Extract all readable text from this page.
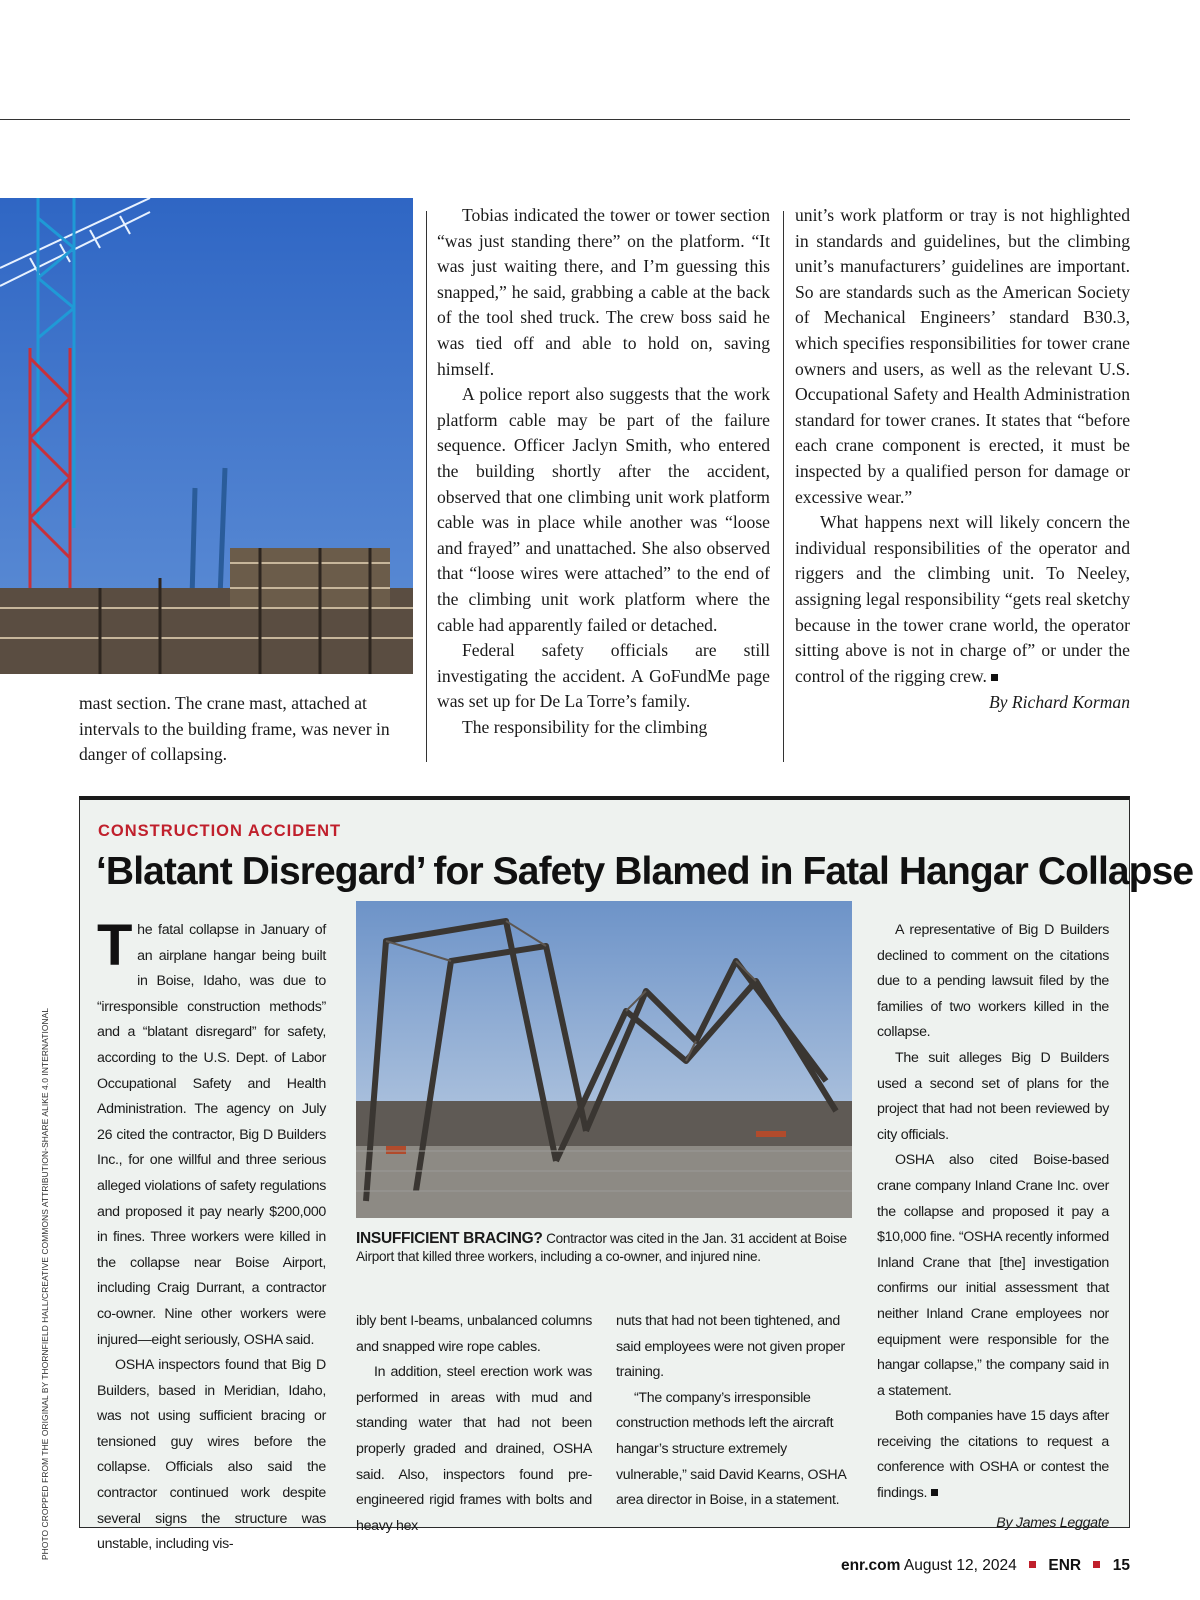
mast section. The crane mast, attached at intervals to the building frame, was never in danger of collapsing.

Tobias indicated the tower or tower section “was just standing there” on the platform. “It was just waiting there, and I’m guessing this snapped,” he said, grabbing a cable at the back of the tool shed truck. The crew boss said he was tied off and able to hold on, saving himself.

A police report also suggests that the work platform cable may be part of the failure sequence. Officer Jaclyn Smith, who entered the building shortly after the accident, observed that one climbing unit work platform cable was in place while another was “loose and frayed” and unattached. She also observed that “loose wires were attached” to the end of the climbing unit work platform where the cable had apparently failed or detached.

Federal safety officials are still investigating the accident. A GoFundMe page was set up for De La Torre’s family.

The responsibility for the climbing

unit’s work platform or tray is not highlighted in standards and guidelines, but the climbing unit’s manufacturers’ guidelines are important. So are standards such as the American Society of Mechanical Engineers’ standard B30.3, which specifies responsibilities for tower crane owners and users, as well as the relevant U.S. Occupational Safety and Health Administration standard for tower cranes. It states that “before each crane component is erected, it must be inspected by a qualified person for damage or excessive wear.”

What happens next will likely concern the individual responsibilities of the operator and riggers and the climbing unit. To Neeley, assigning legal responsibility “gets real sketchy because in the tower crane world, the operator sitting above is not in charge of” or under the control of the rigging crew.

By Richard Korman
CONSTRUCTION ACCIDENT
‘Blatant Disregard’ for Safety Blamed in Fatal Hangar Collapse

The fatal collapse in January of an airplane hangar being built in Boise, Idaho, was due to “irresponsible construction methods” and a “blatant disregard” for safety, according to the U.S. Dept. of Labor Occupational Safety and Health Administration. The agency on July 26 cited the contractor, Big D Builders Inc., for one willful and three serious alleged violations of safety regulations and proposed it pay nearly $200,000 in fines. Three workers were killed in the collapse near Boise Airport, including Craig Durrant, a contractor co-owner. Nine other workers were injured—eight seriously, OSHA said.

OSHA inspectors found that Big D Builders, based in Meridian, Idaho, was not using sufficient bracing or tensioned guy wires before the collapse. Officials also said the contractor continued work despite several signs the structure was unstable, including vis-

INSUFFICIENT BRACING? Contractor was cited in the Jan. 31 accident at Boise Airport that killed three workers, including a co-owner, and injured nine.

ibly bent I-beams, unbalanced columns and snapped wire rope cables.

In addition, steel erection work was performed in areas with mud and standing water that had not been properly graded and drained, OSHA said. Also, inspectors found pre-engineered rigid frames with bolts and heavy hex

nuts that had not been tightened, and said employees were not given proper training.

“The company’s irresponsible construction methods left the aircraft hangar’s structure extremely vulnerable,” said David Kearns, OSHA area director in Boise, in a statement.

A representative of Big D Builders declined to comment on the citations due to a pending lawsuit filed by the families of two workers killed in the collapse.

The suit alleges Big D Builders used a second set of plans for the project that had not been reviewed by city officials.

OSHA also cited Boise-based crane company Inland Crane Inc. over the collapse and proposed it pay a $10,000 fine. “OSHA recently informed Inland Crane that [the] investigation confirms our initial assessment that neither Inland Crane employees nor equipment were responsible for the hangar collapse,” the company said in a statement.

Both companies have 15 days after receiving the citations to request a conference with OSHA or contest the findings.

By James Leggate
PHOTO CROPPED FROM THE ORIGINAL BY THORNFIELD HALL/CREATIVE COMMONS ATTRIBUTION-SHARE ALIKE 4.0 INTERNATIONAL
enr.com August 12, 2024 ENR 15
